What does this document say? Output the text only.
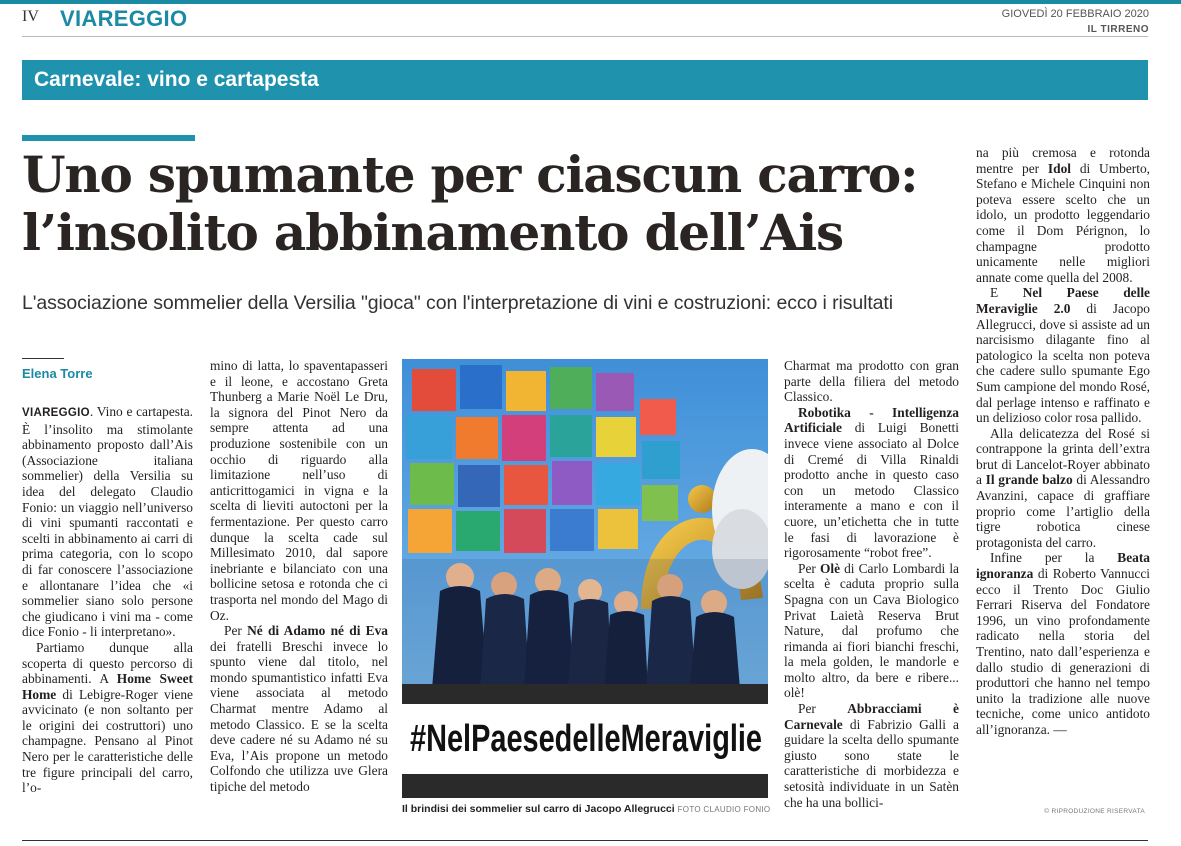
IV VIAREGGIO	GIOVEDÌ 20 FEBBRAIO 2020
IL TIRRENO
Carnevale: vino e cartapesta
Uno spumante per ciascun carro:
l’insolito abbinamento dell’Ais
L'associazione sommelier della Versilia "gioca" con l'interpretazione di vini e costruzioni: ecco i risultati
Elena Torre

VIAREGGIO. Vino e cartapesta. È l’insolito ma stimolante abbinamento proposto dall’Ais (Associazione italiana sommelier) della Versilia su idea del delegato Claudio Fonio: un viaggio nell’universo di vini spumanti raccontati e scelti in abbinamento ai carri di prima categoria, con lo scopo di far conoscere l’associazione e allontanare l’idea che «i sommelier siano solo persone che giudicano i vini ma - come dice Fonio - li interpretano».

Partiamo dunque alla scoperta di questo percorso di abbinamenti. A Home Sweet Home di Lebigre-Roger viene avvicinato (e non soltanto per le origini dei costruttori) uno champagne. Pensano al Pinot Nero per le caratteristiche delle tre figure principali del carro, l’o-

mino di latta, lo spaventapasseri e il leone, e accostano Greta Thunberg a Marie Noël Le Dru, la signora del Pinot Nero da sempre attenta ad una produzione sostenibile con un occhio di riguardo alla limitazione nell’uso di anticrittogamici in vigna e la scelta di lieviti autoctoni per la fermentazione. Per questo carro dunque la scelta cade sul Millesimato 2010, dal sapore inebriante e bilanciato con una bollicine setosa e rotonda che ci trasporta nel mondo del Mago di Oz.

Per Né di Adamo né di Eva dei fratelli Breschi invece lo spunto viene dal titolo, nel mondo spumantistico infatti Eva viene associata al metodo Charmat mentre Adamo al metodo Classico. E se la scelta deve cadere né su Adamo né su Eva, l’Ais propone un metodo Colfondo che utilizza uve Glera tipiche del metodo

#NelPaesedelleMeraviglie
Il brindisi dei sommelier sul carro di Jacopo Allegrucci FOTO CLAUDIO FONIO

Charmat ma prodotto con gran parte della filiera del metodo Classico.

Robotika - Intelligenza Artificiale di Luigi Bonetti invece viene associato al Dolce di Cremé di Villa Rinaldi prodotto anche in questo caso con un metodo Classico interamente a mano e con il cuore, un’etichetta che in tutte le fasi di lavorazione è rigorosamente “robot free”.

Per Olè di Carlo Lombardi la scelta è caduta proprio sulla Spagna con un Cava Biologico Privat Laietà Reserva Brut Nature, dal profumo che rimanda ai fiori bianchi freschi, la mela golden, le mandorle e molto altro, da bere e ribere... olè!

Per Abbracciami è Carnevale di Fabrizio Galli a guidare la scelta dello spumante giusto sono state le caratteristiche di morbidezza e setosità individuate in un Satèn che ha una bollici-

na più cremosa e rotonda mentre per Idol di Umberto, Stefano e Michele Cinquini non poteva essere scelto che un idolo, un prodotto leggendario come il Dom Pérignon, lo champagne prodotto unicamente nelle migliori annate come quella del 2008.

E Nel Paese delle Meraviglie 2.0 di Jacopo Allegrucci, dove si assiste ad un narcisismo dilagante fino al patologico la scelta non poteva che cadere sullo spumante Ego Sum campione del mondo Rosé, dal perlage intenso e raffinato e un delizioso color rosa pallido.

Alla delicatezza del Rosé si contrappone la grinta dell’extra brut di Lancelot-Royer abbinato a Il grande balzo di Alessandro Avanzini, capace di graffiare proprio come l’artiglio della tigre robotica cinese protagonista del carro.

Infine per la Beata ignoranza di Roberto Vannucci ecco il Trento Doc Giulio Ferrari Riserva del Fondatore 1996, un vino profondamente radicato nella storia del Trentino, nato dall’esperienza e dallo studio di generazioni di produttori che hanno nel tempo unito la tradizione alle nuove tecniche, come unico antidoto all’ignoranza. —

© RIPRODUZIONE RISERVATA
